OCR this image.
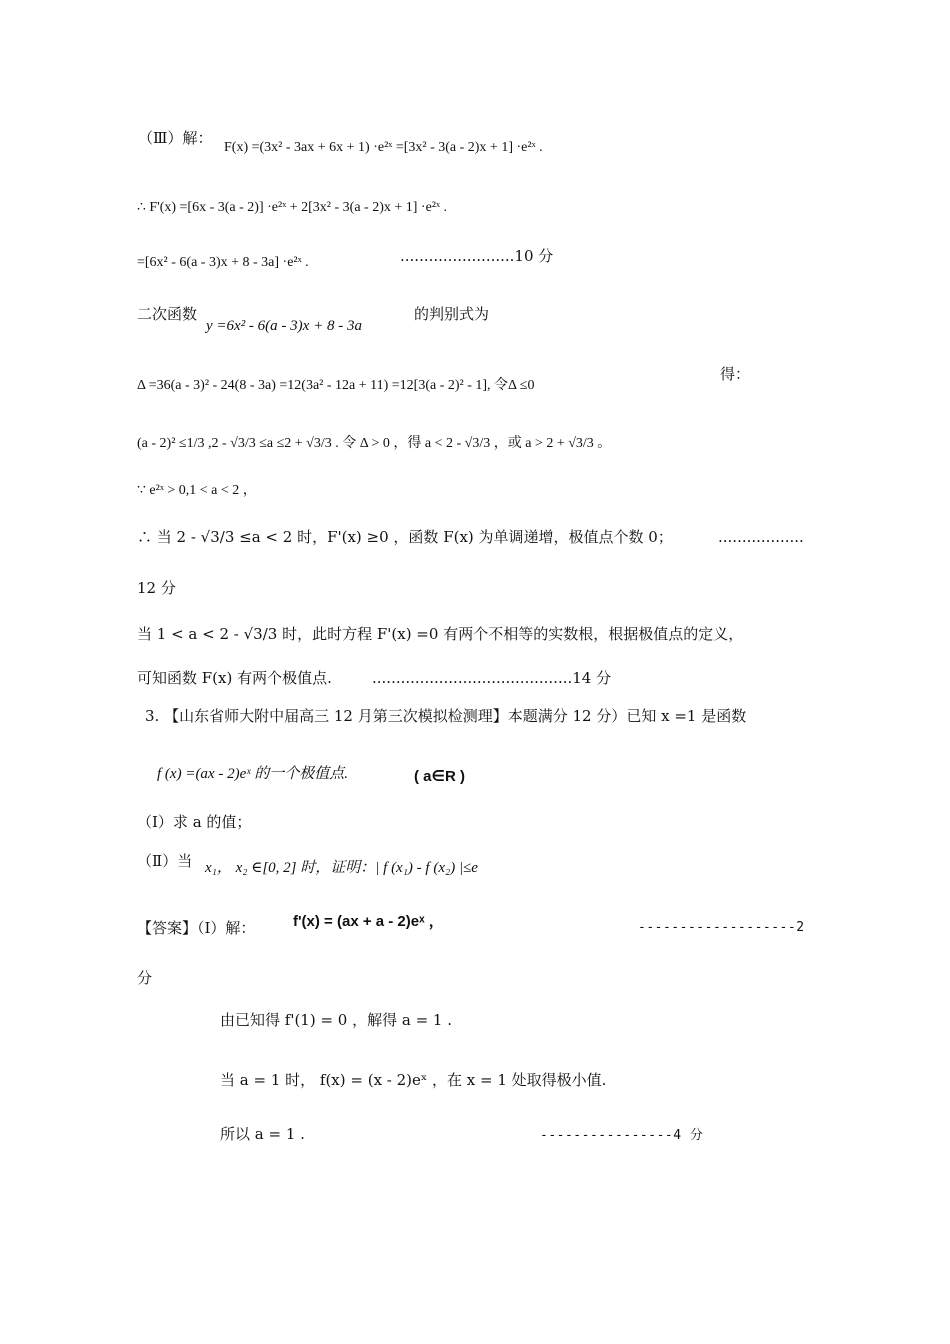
（Ⅲ）解：
F(x) =(3x² - 3ax + 6x + 1) ·e²ˣ =[3x² - 3(a - 2)x + 1] ·e²ˣ .
∴ F'(x) =[6x - 3(a - 2)] ·e²ˣ + 2[3x² - 3(a - 2)x + 1] ·e²ˣ .
=[6x² - 6(a - 3)x + 8 - 3a] ·e²ˣ .	........................10 分
二次函数
y =6x² - 6(a - 3)x + 8 - 3a
的判别式为
Δ =36(a - 3)² - 24(8 - 3a) =12(3a² - 12a + 11) =12[3(a - 2)² - 1], 令Δ ≤0
得：
(a - 2)² ≤1/3 ,2 - √3/3 ≤a ≤2 + √3/3 . 令 Δ > 0 ，得 a < 2 - √3/3 ，或 a > 2 + √3/3 。
∵ e²ˣ > 0,1 < a < 2 ，
∴ 当 2 - √3/3 ≤a < 2 时，F'(x) ≥0 ，函数 F(x) 为单调递增，极值点个数 0；	..................
12 分
当 1 < a < 2 - √3/3 时，此时方程 F'(x) =0 有两个不相等的实数根，根据极值点的定义，
可知函数 F(x) 有两个极值点.	..........................................14 分
3. 【山东省师大附中届高三 12 月第三次模拟检测理】本题满分 12 分）已知 x =1 是函数
f (x) =(ax - 2)eˣ 的一个极值点.	( a∈R )
（Ⅰ）求 a 的值；
（Ⅱ）当 x₁， x₂ ∈[0, 2] 时，证明：| f (x₁) - f (x₂) |≤e
【答案】（Ⅰ）解：	f'(x) = (ax + a - 2)eˣ ，	-------------------2
分
由已知得 f'(1) = 0 ，解得 a = 1 .
当 a = 1 时， f(x) = (x - 2)eˣ ，在 x = 1 处取得极小值.
所以 a = 1 .	----------------4 分
